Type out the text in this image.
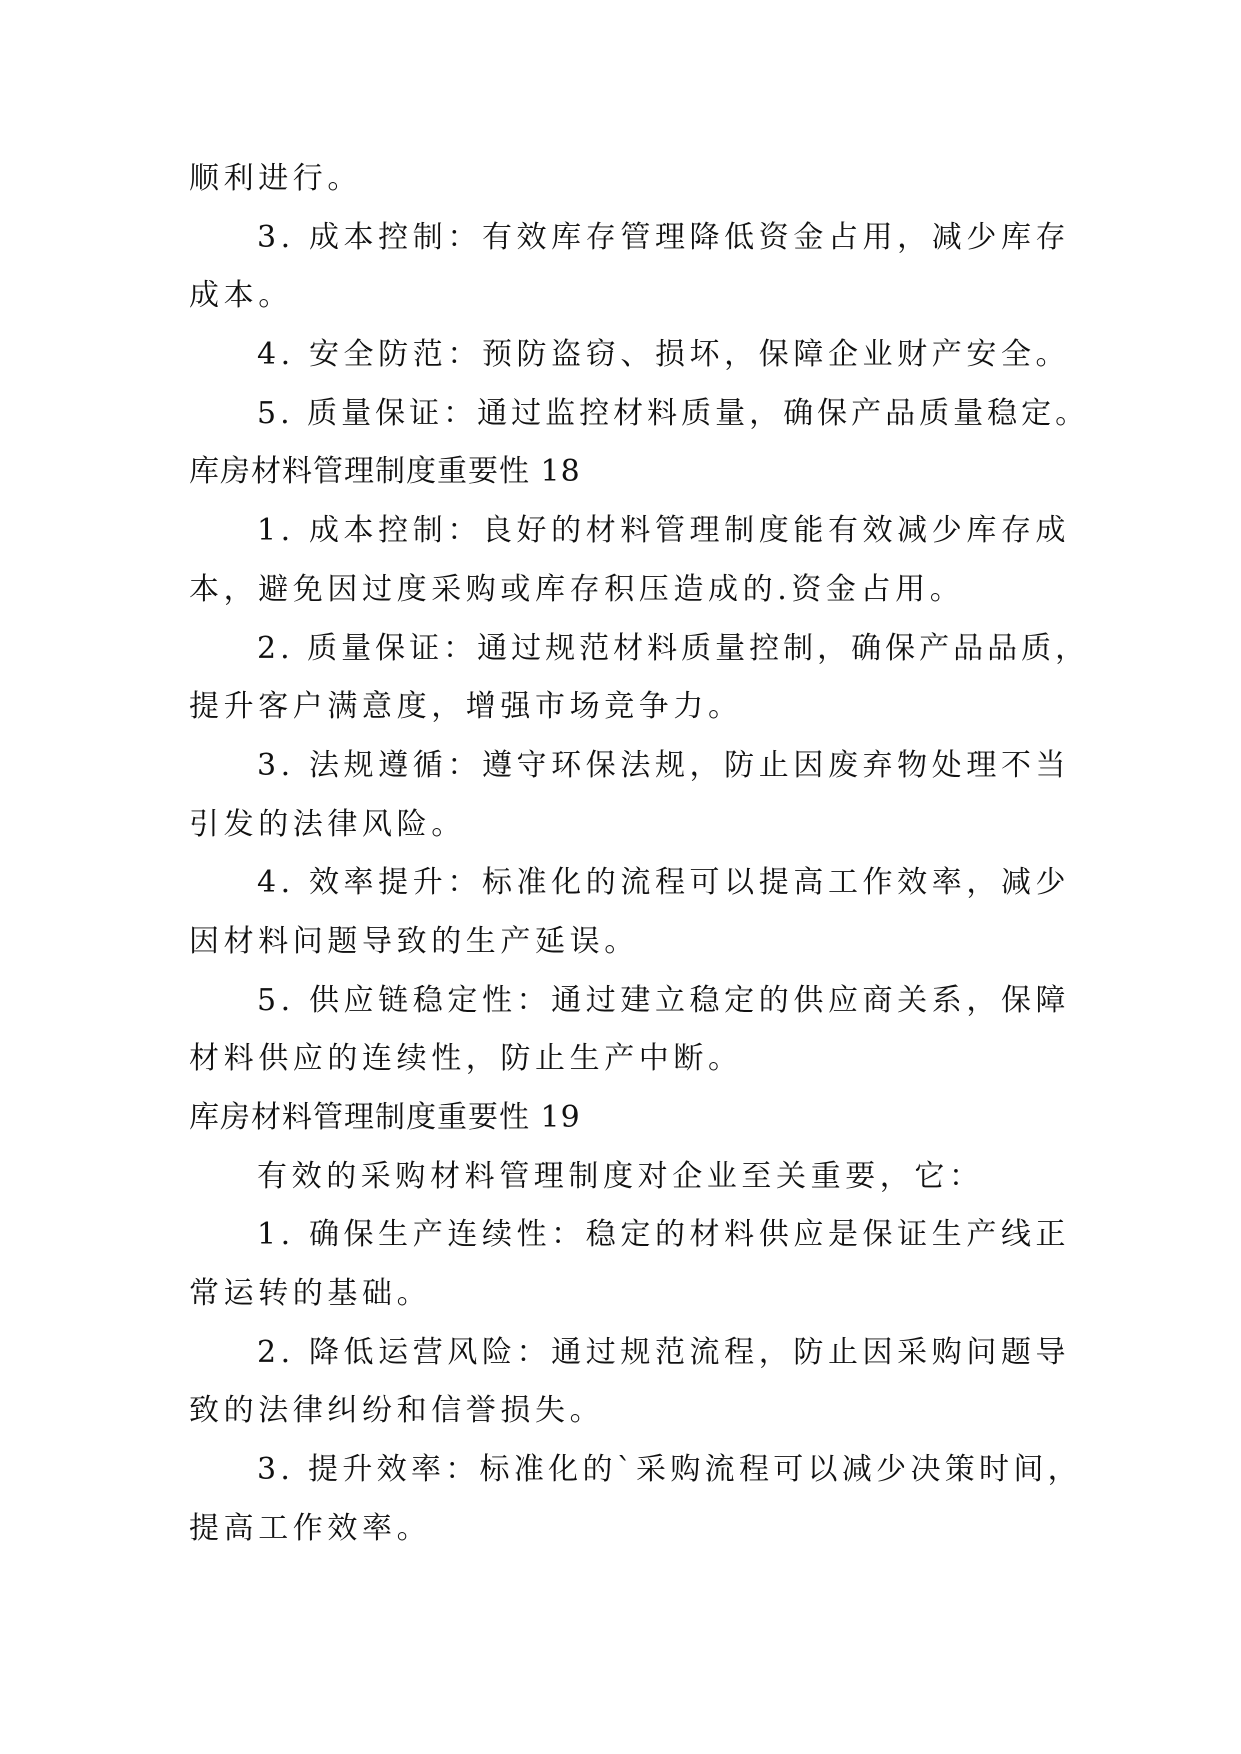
顺利进行。
3. 成本控制：有效库存管理降低资金占用，减少库存
成本。
4. 安全防范：预防盗窃、损坏，保障企业财产安全。
5. 质量保证：通过监控材料质量，确保产品质量稳定。
库房材料管理制度重要性 18
1. 成本控制：良好的材料管理制度能有效减少库存成
本，避免因过度采购或库存积压造成的.资金占用。
2. 质量保证：通过规范材料质量控制，确保产品品质，
提升客户满意度，增强市场竞争力。
3. 法规遵循：遵守环保法规，防止因废弃物处理不当
引发的法律风险。
4. 效率提升：标准化的流程可以提高工作效率，减少
因材料问题导致的生产延误。
5. 供应链稳定性：通过建立稳定的供应商关系，保障
材料供应的连续性，防止生产中断。
库房材料管理制度重要性 19
有效的采购材料管理制度对企业至关重要，它：
1. 确保生产连续性：稳定的材料供应是保证生产线正
常运转的基础。
2. 降低运营风险：通过规范流程，防止因采购问题导
致的法律纠纷和信誉损失。
3. 提升效率：标准化的`采购流程可以减少决策时间，
提高工作效率。
